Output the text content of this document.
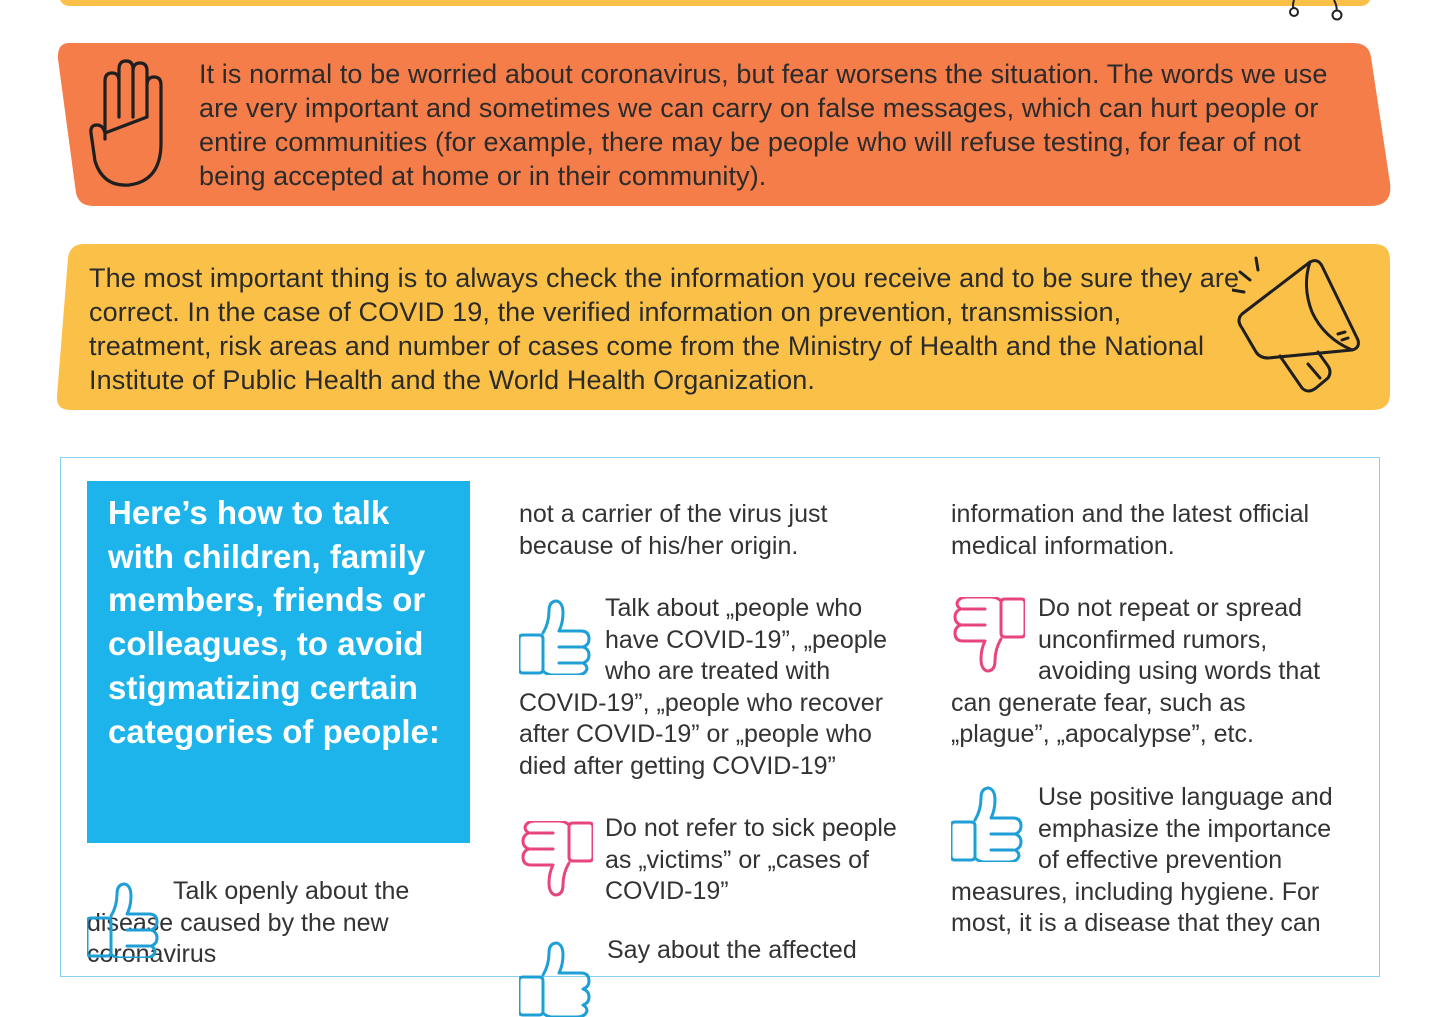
It is normal to be worried about coronavirus, but fear worsens the situation. The words we use are very important and sometimes we can carry on false messages, which can hurt people or entire communities (for example, there may be people who will refuse testing, for fear of not being accepted at home or in their community).

The most important thing is to always check the information you receive and to be sure they are correct. In the case of COVID 19, the verified information on prevention, transmission, treatment, risk areas and number of cases come from the Ministry of Health and the National Institute of Public Health and the World Health Organization.

Here’s how to talk with children, family members, friends or colleagues, to avoid stigmatizing certain categories of people:

Talk openly about the disease caused by the new coronavirus

not a carrier of the virus just because of his/her origin.

Talk about „people who have COVID-19”, „people who are treated with COVID-19”, „people who recover after COVID-19” or „people who died after getting COVID-19”

Do not refer to sick people as „victims” or „cases of COVID-19”

Say about the affected

information and the latest official medical information.

Do not repeat or spread unconfirmed rumors, avoiding using words that can generate fear, such as „plague”, „apocalypse”, etc.

Use positive language and emphasize the importance of effective prevention measures, including hygiene. For most, it is a disease that they can
